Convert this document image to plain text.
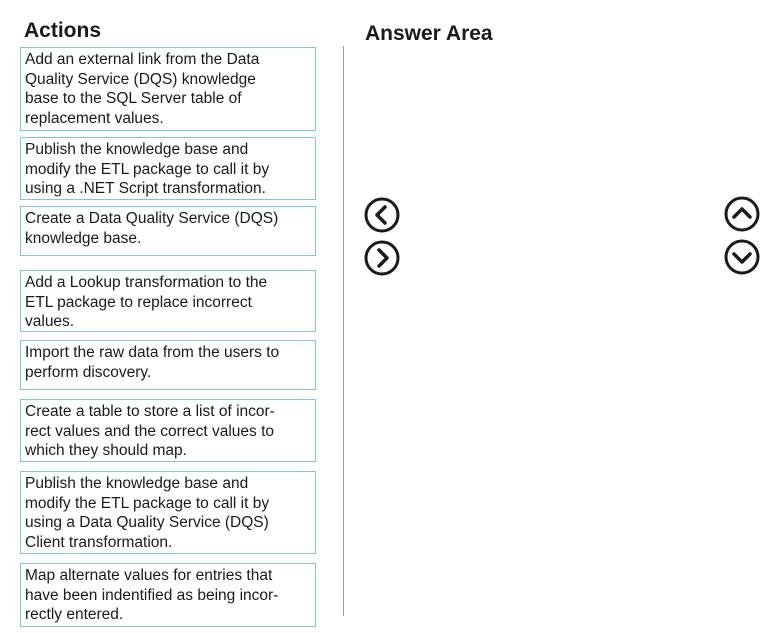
Actions	Answer Area
Add an external link from the Data
Quality Service (DQS) knowledge
base to the SQL Server table of
replacement values.
Publish the knowledge base and
modify the ETL package to call it by
using a .NET Script transformation.
Create a Data Quality Service (DQS)
knowledge base.
Add a Lookup transformation to the
ETL package to replace incorrect
values.
Import the raw data from the users to
perform discovery.
Create a table to store a list of incor-
rect values and the correct values to
which they should map.
Publish the knowledge base and
modify the ETL package to call it by
using a Data Quality Service (DQS)
Client transformation.
Map alternate values for entries that
have been indentified as being incor-
rectly entered.
